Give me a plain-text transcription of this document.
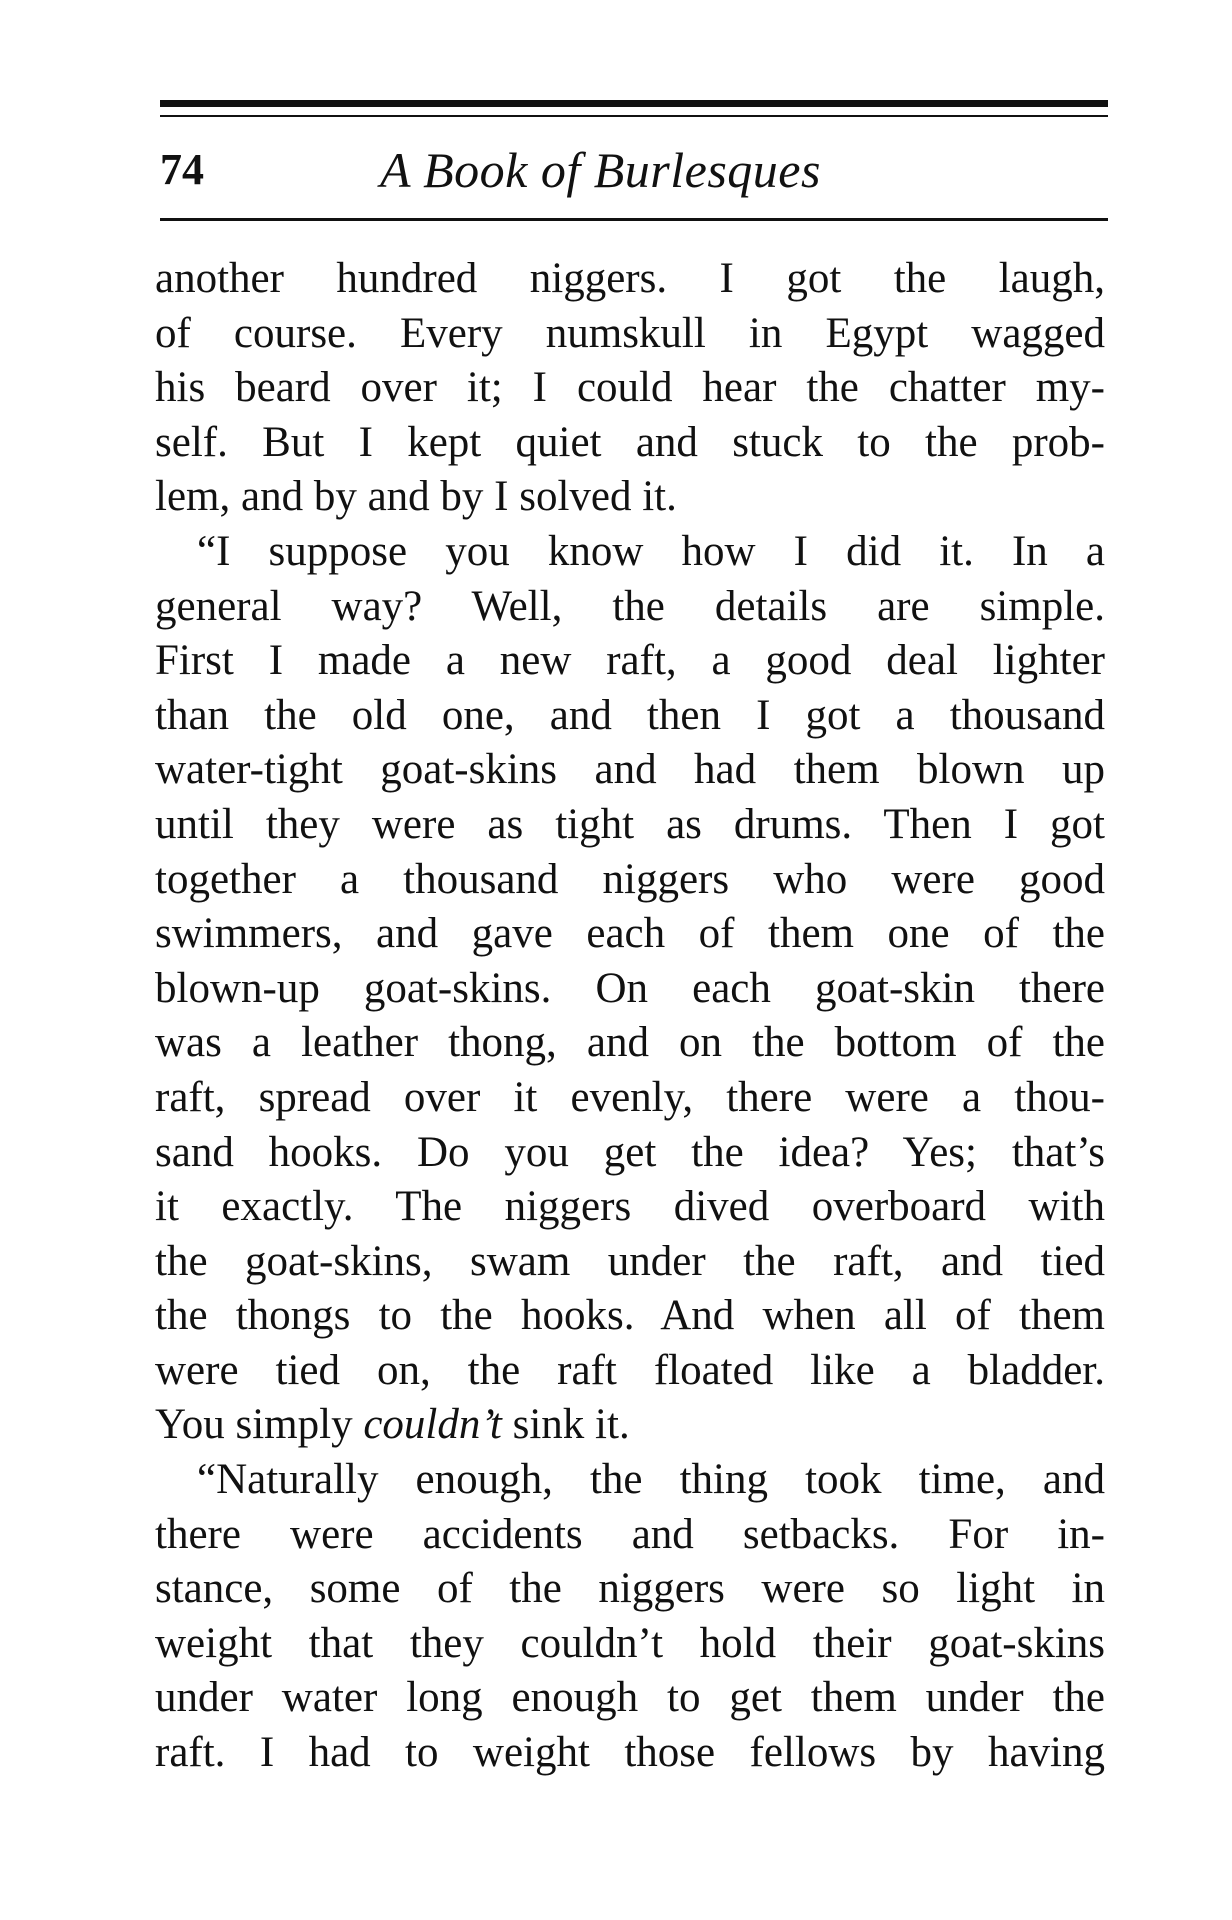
74	A Book of Burlesques
another hundred niggers. I got the laugh,
of course. Every numskull in Egypt wagged
his beard over it; I could hear the chatter my-
self. But I kept quiet and stuck to the prob-
lem, and by and by I solved it.
“I suppose you know how I did it. In a
general way? Well, the details are simple.
First I made a new raft, a good deal lighter
than the old one, and then I got a thousand
water-tight goat-skins and had them blown up
until they were as tight as drums. Then I got
together a thousand niggers who were good
swimmers, and gave each of them one of the
blown-up goat-skins. On each goat-skin there
was a leather thong, and on the bottom of the
raft, spread over it evenly, there were a thou-
sand hooks. Do you get the idea? Yes; that’s
it exactly. The niggers dived overboard with
the goat-skins, swam under the raft, and tied
the thongs to the hooks. And when all of them
were tied on, the raft floated like a bladder.
You simply couldn’t sink it.
“Naturally enough, the thing took time, and
there were accidents and setbacks. For in-
stance, some of the niggers were so light in
weight that they couldn’t hold their goat-skins
under water long enough to get them under the
raft. I had to weight those fellows by having
